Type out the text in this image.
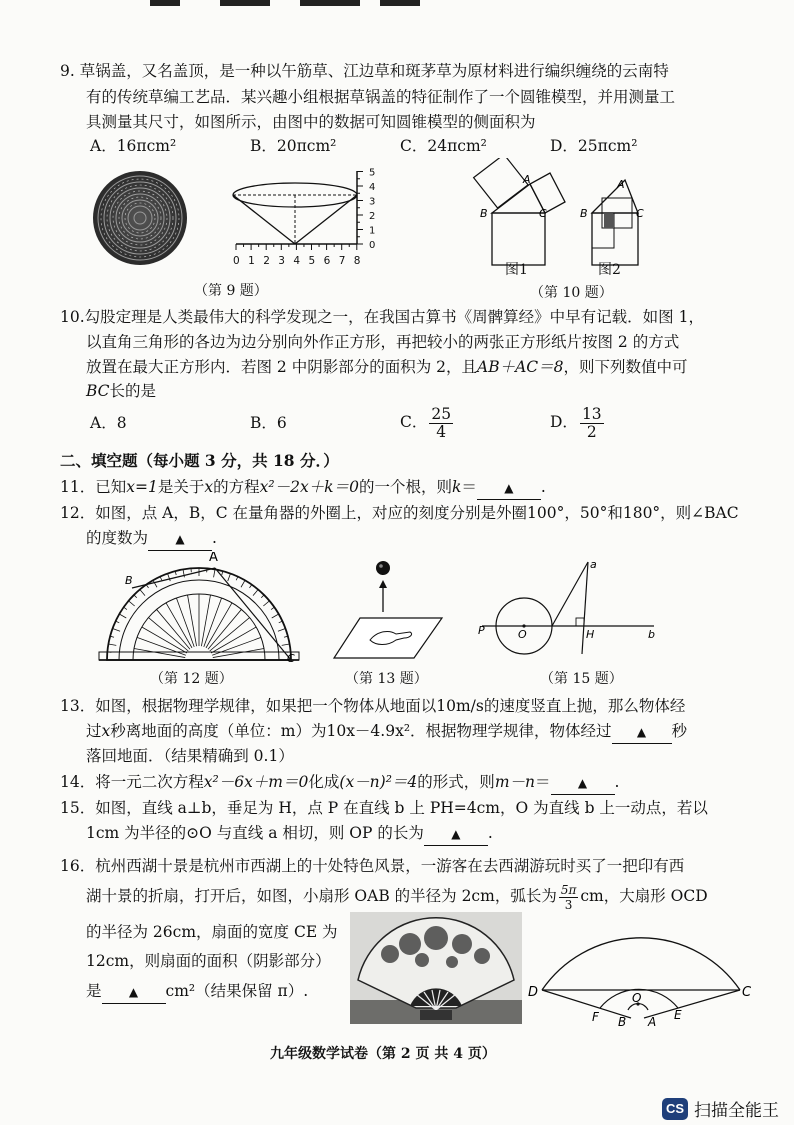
9. 草锅盖，又名盖顶，是一种以午筋草、江边草和斑茅草为原材料进行编织缠绕的云南特
有的传统草编工艺品．某兴趣小组根据草锅盖的特征制作了一个圆锥模型，并用测量工
具测量其尺寸，如图所示，由图中的数据可知圆锥模型的侧面积为
A．16πcm²	B．20πcm²	C．24πcm²	D．25πcm²
0 1 2 3 4 5 6 7 8
5
4
3
2
1
0
（第 9 题）
B
A
C	B
A
C
图1	图2
（第 10 题）
10.勾股定理是人类最伟大的科学发现之一，在我国古算书《周髀算经》中早有记载．如图 1，
以直角三角形的各边为边分别向外作正方形，再把较小的两张正方形纸片按图 2 的方式
放置在最大正方形内．若图 2 中阴影部分的面积为 2，且AB＋AC＝8，则下列数值中可
BC长的是
A．8	B．6	C． $\frac{25}{4}$	D． $\frac{13}{2}$
二、填空题（每小题 3 分，共 18 分．）
11．已知x=1是关于x的方程x²－2x＋k＝0的一个根，则k＝ ▲ .
12．如图，点 A，B，C 在量角器的外圈上，对应的刻度分别是外圈100°，50°和180°，则∠BAC
的度数为 ▲ .
A
B
C
（第 12 题）	（第 13 题）
a
P	O	H	b
（第 15 题）
13．如图，根据物理学规律，如果把一个物体从地面以10m/s的速度竖直上抛，那么物体经
过x秒离地面的高度（单位：m）为10x－4.9x²．根据物理学规律，物体经过 ▲ 秒
落回地面．（结果精确到 0.1）
14．将一元二次方程x²－6x＋m＝0化成(x－n)²＝4的形式，则m－n＝ ▲ .
15．如图，直线 a⊥b，垂足为 H，点 P 在直线 b 上 PH=4cm，O 为直线 b 上一动点，若以
1cm 为半径的⊙O 与直线 a 相切，则 OP 的长为 ▲ .
16．杭州西湖十景是杭州市西湖上的十处特色风景，一游客在去西湖游玩时买了一把印有西
湖十景的折扇，打开后，如图，小扇形 OAB 的半径为 2cm，弧长为 $\frac{5\pi}{3}$ cm，大扇形 OCD
的半径为 26cm，扇面的宽度 CE 为
12cm，则扇面的面积（阴影部分）
是 ▲ cm²（结果保留 π）.	D	C
O
F B A E
九年级数学试卷（第 2 页 共 4 页）
CS 扫描全能王
